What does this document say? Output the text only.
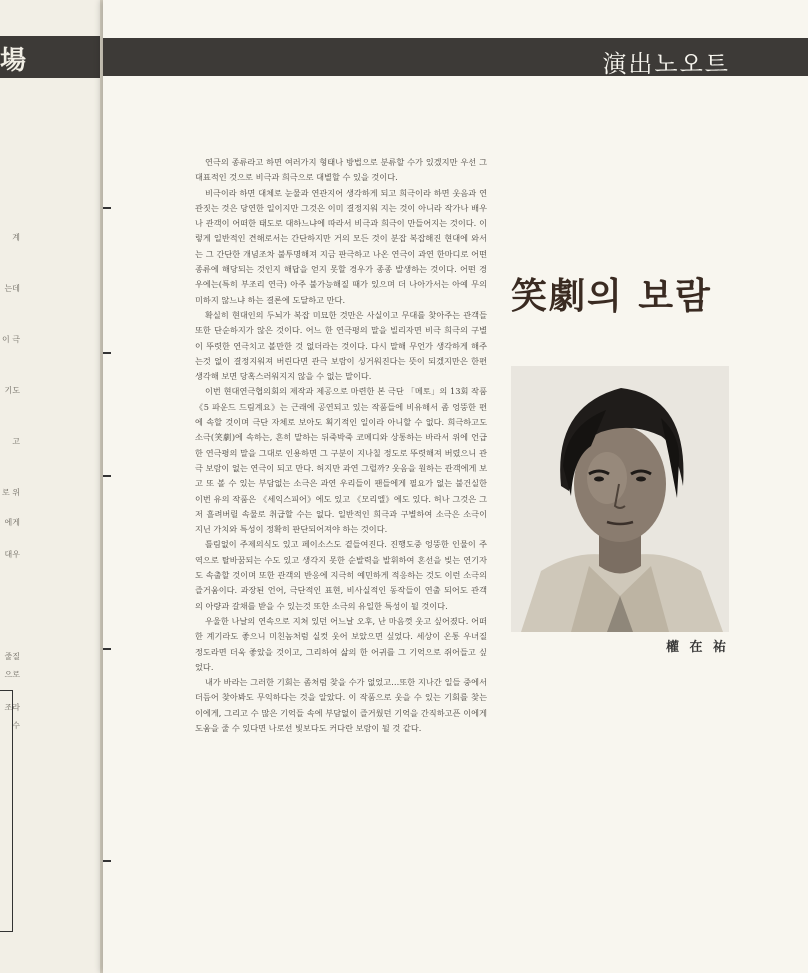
場

계

는데

이 극

기도

고

로 위

에게

대우

줄질

조라

으로

수

演出노오트

연극의 종류라고 하면 여러가지 형태나 방법으로 분류할 수가 있겠지만 우선 그 대표적인 것으로 비극과 희극으로 대별할 수 있을 것이다.

비극이라 하면 대체로 눈물과 연관지어 생각하게 되고 희극이라 하면 웃음과 연관짓는 것은 당연한 일이지만 그것은 이미 결정지워 지는 것이 아니라 작가나 배우나 관객이 어떠한 태도로 대하느냐에 따라서 비극과 희극이 만들어지는 것이다. 이렇게 일반적인 견해로서는 간단하지만 거의 모든 것이 분잡 복잡해진 현대에 와서는 그 간단한 개념조차 불투명해져 지금 판극하고 나온 연극이 과연 한마디로 어떤 종류에 해당되는 것인지 해답을 얻지 못할 경우가 종종 발생하는 것이다. 어떤 경우에는(특히 부조리 연극) 아주 불가능해질 때가 있으며 더 나아가서는 아예 무의미하지 않느냐 하는 결론에 도달하고 만다.

확실히 현대인의 두뇌가 복잡 미묘한 것만은 사실이고 무대를 찾아주는 관객들 또한 단순하지가 않은 것이다. 어느 한 연극평의 말을 빌리자면 비극 희극의 구별이 뚜렷한 연극치고 볼만한 것 없더라는 것이다. 다시 말해 무언가 생각하게 해주는것 없이 결정지워져 버린다면 관극 보람이 싱거워진다는 뜻이 되겠지만은 한편 생각해 보면 당혹스러워지지 않을 수 없는 말이다.

이번 현대연극협의회의 제작과 제공으로 마련한 본 극단 「메토」의 13회 작품 《5 파운드 드림계요》는 근래에 공연되고 있는 작품들에 비유해서 좀 엉뚱한 편에 속할 것이며 극단 자체로 보아도 획기적인 일이라 아니할 수 없다. 희극하고도 소극(笑劇)에 속하는, 흔히 말하는 뒤죽박죽 코메디와 상통하는 바라서 위에 언급한 연극평의 말을 그대로 인용하면 그 구분이 지나칠 정도로 뚜렷해져 버렸으니 관극 보람이 없는 연극이 되고 만다. 허지만 과연 그럴까? 웃음을 원하는 관객에게 보고 또 볼 수 있는 부담없는 소극은 과연 우리들이 팬들에게 필요가 없는 불건실한 이번 유의 작품은 《세익스피어》에도 있고 《모리엘》에도 있다. 허나 그것은 그저 흘려버릴 속물로 취급할 수는 없다. 일반적인 희극과 구별하여 소극은 소극이 지닌 가치와 특성이 정확히 판단되어져야 하는 것이다.

틀림없이 주제의식도 있고 페이소스도 곁들여진다. 진행도중 엉뚱한 인물이 주역으로 탈바꿈되는 수도 있고 생각지 못한 순발력을 발휘하여 혼선을 빚는 연기자도 속출할 것이며 또한 관객의 반응에 지극히 예민하게 적응하는 것도 이런 소극의 즐거움이다. 과장된 언어, 극단적인 표현, 비사실적인 동작들이 연출 되어도 관객의 아량과 갈채를 받을 수 있는것 또한 소극의 유일한 특성이 될 것이다.

우울한 나날의 연속으로 지쳐 있던 어느날 오후, 난 마음껏 웃고 싶어졌다. 어떠한 계기라도 좋으니 미친놈처럼 실컷 웃어 보았으면 싶었다. 세상이 온통 우녀질 정도라면 더욱 좋았을 것이고, 그리하여 삶의 한 어귀를 그 기억으로 쥐어들고 싶었다.

내가 바라는 그러한 기회는 좀처럼 찾을 수가 없었고…또한 지나간 일들 중에서 더듬어 찾아봐도 무익하다는 것을 알았다. 이 작품으로 웃을 수 있는 기회를 찾는 이에게, 그리고 수 많은 기억들 속에 부담없이 즐거웠던 기억을 간직하고픈 이에게 도움을 줄 수 있다면 나로선 빛보다도 커다란 보람이 될 것 같다.

笑劇의 보람
權 在 祐
